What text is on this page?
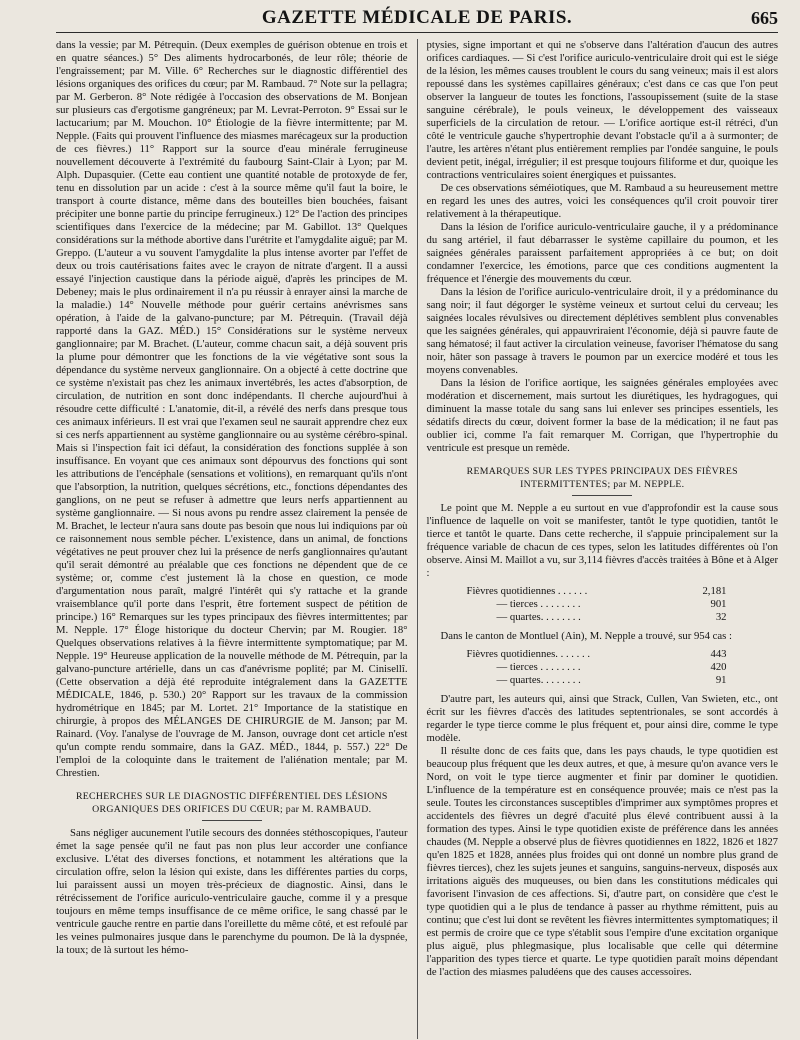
GAZETTE MÉDICALE DE PARIS.	665

dans la vessie; par M. Pétrequin. (Deux exemples de guérison obtenue en trois et en quatre séances.) 5° Des aliments hydrocarbonés, de leur rôle; théorie de l'engraissement; par M. Ville. 6° Recherches sur le diagnostic différentiel des lésions organiques des orifices du cœur; par M. Rambaud. 7° Note sur la pellagra; par M. Gerberon. 8° Note rédigée à l'occasion des observations de M. Bonjean sur plusieurs cas d'ergotisme gangréneux; par M. Levrat-Perroton. 9° Essai sur le lactucarium; par M. Mouchon. 10° Étiologie de la fièvre intermittente; par M. Nepple. (Faits qui prouvent l'influence des miasmes marécageux sur la production de ces fièvres.) 11° Rapport sur la source d'eau minérale ferrugineuse nouvellement découverte à l'extrémité du faubourg Saint-Clair à Lyon; par M. Alph. Dupasquier. (Cette eau contient une quantité notable de protoxyde de fer, tenu en dissolution par un acide : c'est à la source même qu'il faut la boire, le transport à courte distance, même dans des bouteilles bien bouchées, faisant précipiter une bonne partie du principe ferrugineux.) 12° De l'action des principes scientifiques dans l'exercice de la médecine; par M. Gabillot. 13° Quelques considérations sur la méthode abortive dans l'urétrite et l'amygdalite aiguë; par M. Greppo. (L'auteur a vu souvent l'amygdalite la plus intense avorter par l'effet de deux ou trois cautérisations faites avec le crayon de nitrate d'argent. Il a aussi essayé l'injection caustique dans la période aiguë, d'après les principes de M. Debeney; mais le plus ordinairement il n'a pu réussir à enrayer ainsi la marche de la maladie.) 14° Nouvelle méthode pour guérir certains anévrismes sans opération, à l'aide de la galvano-puncture; par M. Pétrequin. (Travail déjà rapporté dans la GAZ. MÉD.) 15° Considérations sur le système nerveux ganglionnaire; par M. Brachet. (L'auteur, comme chacun sait, a déjà souvent pris la plume pour démontrer que les fonctions de la vie végétative sont sous la dépendance du système nerveux ganglionnaire. On a objecté à cette doctrine que ce système n'existait pas chez les animaux invertébrés, les actes d'absorption, de circulation, de nutrition en sont donc indépendants. Il cherche aujourd'hui à résoudre cette difficulté : L'anatomie, dit-il, a révélé des nerfs dans presque tous ces animaux inférieurs. Il est vrai que l'examen seul ne saurait apprendre chez eux si ces nerfs appartiennent au système ganglionnaire ou au système cérébro-spinal. Mais si l'inspection fait ici défaut, la considération des fonctions supplée à son insuffisance. En voyant que ces animaux sont dépourvus des fonctions qui sont les attributions de l'encéphale (sensations et volitions), en remarquant qu'ils n'ont que l'absorption, la nutrition, quelques sécrétions, etc., fonctions dépendantes des ganglions, on ne peut se refuser à admettre que leurs nerfs appartiennent au système ganglionnaire. — Si nous avons pu rendre assez clairement la pensée de M. Brachet, le lecteur n'aura sans doute pas besoin que nous lui indiquions par où ce raisonnement nous semble pécher. L'existence, dans un animal, de fonctions végétatives ne peut prouver chez lui la présence de nerfs ganglionnaires qu'autant qu'il serait démontré au préalable que ces fonctions ne dépendent que de ce système; or, comme c'est justement là la chose en question, ce mode d'argumentation nous paraît, malgré l'intérêt qui s'y rattache et la grande vraisemblance qu'il porte dans l'esprit, être fortement suspect de pétition de principe.) 16° Remarques sur les types principaux des fièvres intermittentes; par M. Nepple. 17° Éloge historique du docteur Chervin; par M. Rougier. 18° Quelques observations relatives à la fièvre intermittente symptomatique; par M. Nepple. 19° Heureuse application de la nouvelle méthode de M. Pétrequin, par la galvano-puncture artérielle, dans un cas d'anévrisme poplité; par M. Cinisellî. (Cette observation a déjà été reproduite intégralement dans la GAZETTE MÉDICALE, 1846, p. 530.) 20° Rapport sur les travaux de la commission hydrométrique en 1845; par M. Lortet. 21° Importance de la statistique en chirurgie, à propos des MÉLANGES DE CHIRURGIE de M. Janson; par M. Rainard. (Voy. l'analyse de l'ouvrage de M. Janson, ouvrage dont cet article n'est qu'un compte rendu sommaire, dans la GAZ. MÉD., 1844, p. 557.) 22° De l'emploi de la coloquinte dans le traitement de l'aliénation mentale; par M. Chrestien.

RECHERCHES SUR LE DIAGNOSTIC DIFFÉRENTIEL DES LÉSIONS ORGANIQUES DES ORIFICES DU CŒUR; par M. RAMBAUD.

Sans négliger aucunement l'utile secours des données stéthoscopiques, l'auteur émet la sage pensée qu'il ne faut pas non plus leur accorder une confiance exclusive. L'état des diverses fonctions, et notamment les altérations que la circulation offre, selon la lésion qui existe, dans les différentes parties du corps, lui paraissent aussi un moyen très-précieux de diagnostic. Ainsi, dans le rétrécissement de l'orifice auriculo-ventriculaire gauche, comme il y a presque toujours en même temps insuffisance de ce même orifice, le sang chassé par le ventricule gauche rentre en partie dans l'oreillette du même côté, et est refoulé par les veines pulmonaires jusque dans le parenchyme du poumon. De là la dyspnée, la toux; de là surtout les hémo-

ptysies, signe important et qui ne s'observe dans l'altération d'aucun des autres orifices cardiaques. — Si c'est l'orifice auriculo-ventriculaire droit qui est le siége de la lésion, les mêmes causes troublent le cours du sang veineux; mais il est alors repoussé dans les systèmes capillaires généraux; c'est dans ce cas que l'on peut observer la langueur de toutes les fonctions, l'assoupissement (suite de la stase sanguine cérébrale), le pouls veineux, le développement des vaisseaux superficiels de la circulation de retour. — L'orifice aortique est-il rétréci, d'un côté le ventricule gauche s'hypertrophie devant l'obstacle qu'il a à surmonter; de l'autre, les artères n'étant plus entièrement remplies par l'ondée sanguine, le pouls devient petit, inégal, irrégulier; il est presque toujours filiforme et dur, quoique les contractions ventriculaires soient énergiques et puissantes.

De ces observations séméiotiques, que M. Rambaud a su heureusement mettre en regard les unes des autres, voici les conséquences qu'il croit pouvoir tirer relativement à la thérapeutique.

Dans la lésion de l'orifice auriculo-ventriculaire gauche, il y a prédominance du sang artériel, il faut débarrasser le système capillaire du poumon, et les saignées générales paraissent parfaitement appropriées à ce but; on doit condamner l'exercice, les émotions, parce que ces conditions augmentent la fréquence et l'énergie des mouvements du cœur.

Dans la lésion de l'orifice auriculo-ventriculaire droit, il y a prédominance du sang noir; il faut dégorger le système veineux et surtout celui du cerveau; les saignées locales révulsives ou directement déplétives semblent plus convenables que les saignées générales, qui appauvriraient l'économie, déjà si pauvre faute de sang hématosé; il faut activer la circulation veineuse, favoriser l'hématose du sang noir, hâter son passage à travers le poumon par un exercice modéré et tous les moyens convenables.

Dans la lésion de l'orifice aortique, les saignées générales employées avec modération et discernement, mais surtout les diurétiques, les hydragogues, qui diminuent la masse totale du sang sans lui enlever ses principes essentiels, les sédatifs directs du cœur, doivent former la base de la médication; il ne faut pas oublier ici, comme l'a fait remarquer M. Corrigan, que l'hypertrophie du ventricule est presque un remède.

REMARQUES SUR LES TYPES PRINCIPAUX DES FIÈVRES INTERMITTENTES; par M. NEPPLE.

Le point que M. Nepple a eu surtout en vue d'approfondir est la cause sous l'influence de laquelle on voit se manifester, tantôt le type quotidien, tantôt le tierce et tantôt le quarte. Dans cette recherche, il s'appuie principalement sur la fréquence variable de chacun de ces types, selon les latitudes différentes où l'on observe. Ainsi M. Maillot a vu, sur 3,114 fièvres d'accès traitées à Bône et à Alger :

Fièvres quotidiennes . . . . . .	2,181
— tierces . . . . . . . .	901
— quartes. . . . . . . .	32

Dans le canton de Montluel (Ain), M. Nepple a trouvé, sur 954 cas :

Fièvres quotidiennes. . . . . . .	443
— tierces . . . . . . . .	420
— quartes. . . . . . . .	91

D'autre part, les auteurs qui, ainsi que Strack, Cullen, Van Swieten, etc., ont écrit sur les fièvres d'accès des latitudes septentrionales, se sont accordés à regarder le type tierce comme le plus fréquent et, pour ainsi dire, comme le type modèle.

Il résulte donc de ces faits que, dans les pays chauds, le type quotidien est beaucoup plus fréquent que les deux autres, et que, à mesure qu'on avance vers le Nord, on voit le type tierce augmenter et finir par dominer le quotidien. L'influence de la température est en conséquence prouvée; mais ce n'est pas la seule. Toutes les circonstances susceptibles d'imprimer aux symptômes propres et accidentels des fièvres un degré d'acuité plus élevé contribuent aussi à la formation des types. Ainsi le type quotidien existe de préférence dans les années chaudes (M. Nepple a observé plus de fièvres quotidiennes en 1822, 1826 et 1827 qu'en 1825 et 1828, années plus froides qui ont donné un nombre plus grand de fièvres tierces), chez les sujets jeunes et sanguins, sanguins-nerveux, disposés aux irritations aiguës des muqueuses, ou bien dans les constitutions médicales qui favorisent l'invasion de ces affections. Si, d'autre part, on considère que c'est le type quotidien qui a le plus de tendance à passer au rhythme rémittent, puis au continu; que c'est lui dont se revêtent les fièvres intermittentes symptomatiques; il est permis de croire que ce type s'établit sous l'empire d'une excitation organique plus aiguë, plus phlegmasique, plus localisable que celle qui détermine l'apparition des types tierce et quarte. Le type quotidien paraît moins dépendant de l'action des miasmes paludéens que des causes accessoires.
